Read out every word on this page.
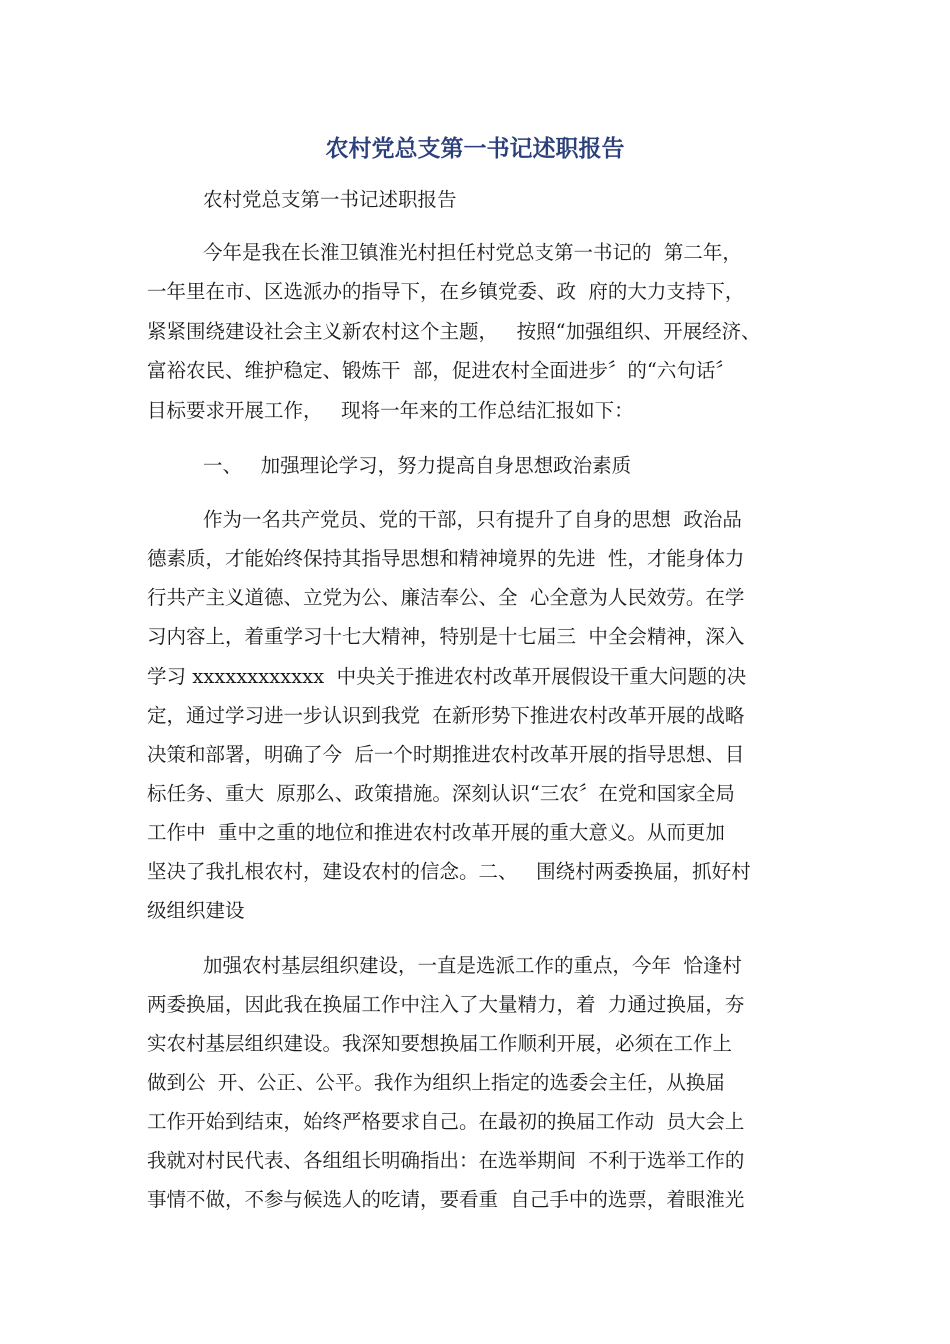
农村党总支第一书记述职报告

农村党总支第一书记述职报告

今年是我在长淮卫镇淮光村担任村党总支第一书记的  第二年，

一年里在市、区选派办的指导下，在乡镇党委、政  府的大力支持下，

紧紧围绕建设社会主义新农村这个主题，   按照“加强组织、开展经济、

富裕农民、维护稳定、锻炼干  部，促进农村全面进步〞的“六句话〞

目标要求开展工作，   现将一年来的工作总结汇报如下：

一、   加强理论学习，努力提高自身思想政治素质

作为一名共产党员、党的干部，只有提升了自身的思想  政治品

德素质，才能始终保持其指导思想和精神境界的先进  性，才能身体力

行共产主义道德、立党为公、廉洁奉公、全  心全意为人民效劳。在学

习内容上，着重学习十七大精神，特别是十七届三  中全会精神，深入

学习 xxxxxxxxxxxx  中央关于推进农村改革开展假设干重大问题的决

定，通过学习进一步认识到我党  在新形势下推进农村改革开展的战略

决策和部署，明确了今  后一个时期推进农村改革开展的指导思想、目

标任务、重大  原那么、政策措施。深刻认识“三农〞在党和国家全局

工作中  重中之重的地位和推进农村改革开展的重大意义。从而更加

坚决了我扎根农村，建设农村的信念。二、   围绕村两委换届，抓好村

级组织建设

加强农村基层组织建设，一直是选派工作的重点，今年  恰逢村

两委换届，因此我在换届工作中注入了大量精力，着  力通过换届，夯

实农村基层组织建设。我深知要想换届工作顺利开展，必须在工作上

做到公  开、公正、公平。我作为组织上指定的选委会主任，从换届

工作开始到结束，始终严格要求自己。在最初的换届工作动  员大会上

我就对村民代表、各组组长明确指出：在选举期间  不利于选举工作的

事情不做，不参与候选人的吃请，要看重  自己手中的选票，着眼淮光
